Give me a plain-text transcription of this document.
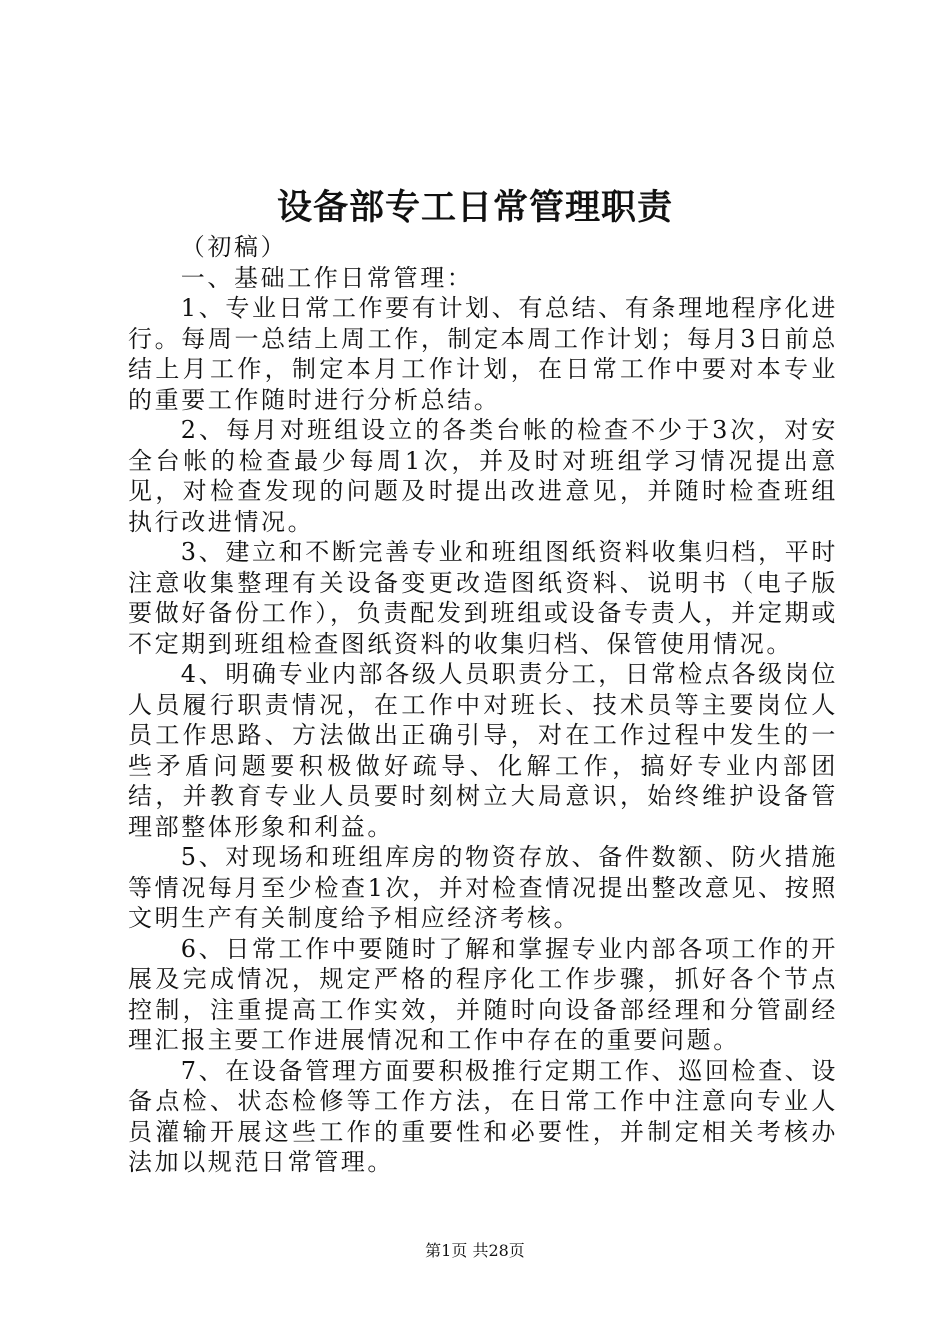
设备部专工日常管理职责

（初稿）

一、基础工作日常管理：

1、专业日常工作要有计划、有总结、有条理地程序化进行。每周一总结上周工作，制定本周工作计划；每月3日前总结上月工作，制定本月工作计划，在日常工作中要对本专业的重要工作随时进行分析总结。

2、每月对班组设立的各类台帐的检查不少于3次，对安全台帐的检查最少每周1次，并及时对班组学习情况提出意见，对检查发现的问题及时提出改进意见，并随时检查班组执行改进情况。

3、建立和不断完善专业和班组图纸资料收集归档，平时注意收集整理有关设备变更改造图纸资料、说明书（电子版要做好备份工作），负责配发到班组或设备专责人，并定期或不定期到班组检查图纸资料的收集归档、保管使用情况。

4、明确专业内部各级人员职责分工，日常检点各级岗位人员履行职责情况，在工作中对班长、技术员等主要岗位人员工作思路、方法做出正确引导，对在工作过程中发生的一些矛盾问题要积极做好疏导、化解工作，搞好专业内部团结，并教育专业人员要时刻树立大局意识，始终维护设备管理部整体形象和利益。

5、对现场和班组库房的物资存放、备件数额、防火措施等情况每月至少检查1次，并对检查情况提出整改意见、按照文明生产有关制度给予相应经济考核。

6、日常工作中要随时了解和掌握专业内部各项工作的开展及完成情况，规定严格的程序化工作步骤，抓好各个节点控制，注重提高工作实效，并随时向设备部经理和分管副经理汇报主要工作进展情况和工作中存在的重要问题。

7、在设备管理方面要积极推行定期工作、巡回检查、设备点检、状态检修等工作方法，在日常工作中注意向专业人员灌输开展这些工作的重要性和必要性，并制定相关考核办法加以规范日常管理。

第1页 共28页
